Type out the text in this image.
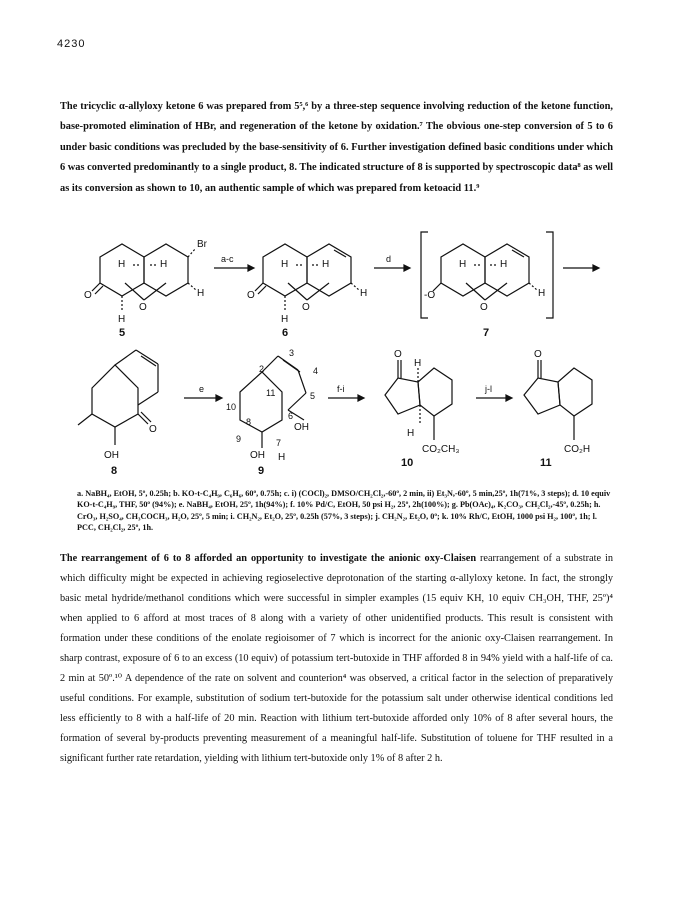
4230
The tricyclic α-allyloxy ketone 6 was prepared from 5⁵,⁶ by a three-step sequence involving reduction of the ketone function, base-promoted elimination of HBr, and regeneration of the ketone by oxidation.⁷ The obvious one-step conversion of 5 to 6 under basic conditions was precluded by the base-sensitivity of 6. Further investigation defined basic conditions under which 6 was converted predominantly to a single product, 8. The indicated structure of 8 is supported by spectroscopic data⁸ as well as its conversion as shown to 10, an authentic sample of which was prepared from ketoacid 11.⁹
Br
H	H
O
O
H
H
H	H
O
O
H
H
H	H
-O
O
H
OH
O
OH
OH
H
O
H
H
CO₂CH₃
O
CO₂H
2
3
4
5
6
7
8
9
10
11
a-c	d
e	f-i	j-l
5	6	7
8	9
10	11
a. NaBH₄, EtOH, 5º, 0.25h; b. KO-t-C₄H₉, C₆H₆, 60º, 0.75h; c. i) (COCl)₂, DMSO/CH₂Cl₂,-60º, 2 min, ii) Et₃N,-60º, 5 min,25º, 1h(71%, 3 steps); d. 10 equiv KO-t-C₄H₉, THF, 50º (94%); e. NaBH₄, EtOH, 25º, 1h(94%); f. 10% Pd/C, EtOH, 50 psi H₂, 25º, 2h(100%); g. Pb(OAc)₄, K₂CO₃, CH₂Cl₂,-45º, 0.25h; h. CrO₃, H₂SO₄, CH₃COCH₃, H₂O, 25º, 5 min; i. CH₂N₂, Et₂O, 25º, 0.25h (57%, 3 steps); j. CH₂N₂, Et₂O, 0º; k. 10% Rh/C, EtOH, 1000 psi H₂, 100º, 1h; l. PCC, CH₂Cl₂, 25º, 1h.
The rearrangement of 6 to 8 afforded an opportunity to investigate the anionic oxy-Claisen rearrangement of a substrate in which difficulty might be expected in achieving regioselective deprotonation of the starting α-allyloxy ketone. In fact, the strongly basic metal hydride/methanol conditions which were successful in simpler examples (15 equiv KH, 10 equiv CH₃OH, THF, 25º)⁴ when applied to 6 afford at most traces of 8 along with a variety of other unidentified products. This result is consistent with formation under these conditions of the enolate regioisomer of 7 which is incorrect for the anionic oxy-Claisen rearrangement. In sharp contrast, exposure of 6 to an excess (10 equiv) of potassium tert-butoxide in THF afforded 8 in 94% yield with a half-life of ca. 2 min at 50º.¹⁰ A dependence of the rate on solvent and counterion⁴ was observed, a critical factor in the selection of preparatively useful conditions. For example, substitution of sodium tert-butoxide for the potassium salt under otherwise identical conditions led less efficiently to 8 with a half-life of 20 min. Reaction with lithium tert-butoxide afforded only 10% of 8 after several hours, the formation of several by-products preventing measurement of a meaningful half-life. Substitution of toluene for THF resulted in a significant further rate retardation, yielding with lithium tert-butoxide only 1% of 8 after 2 h.
